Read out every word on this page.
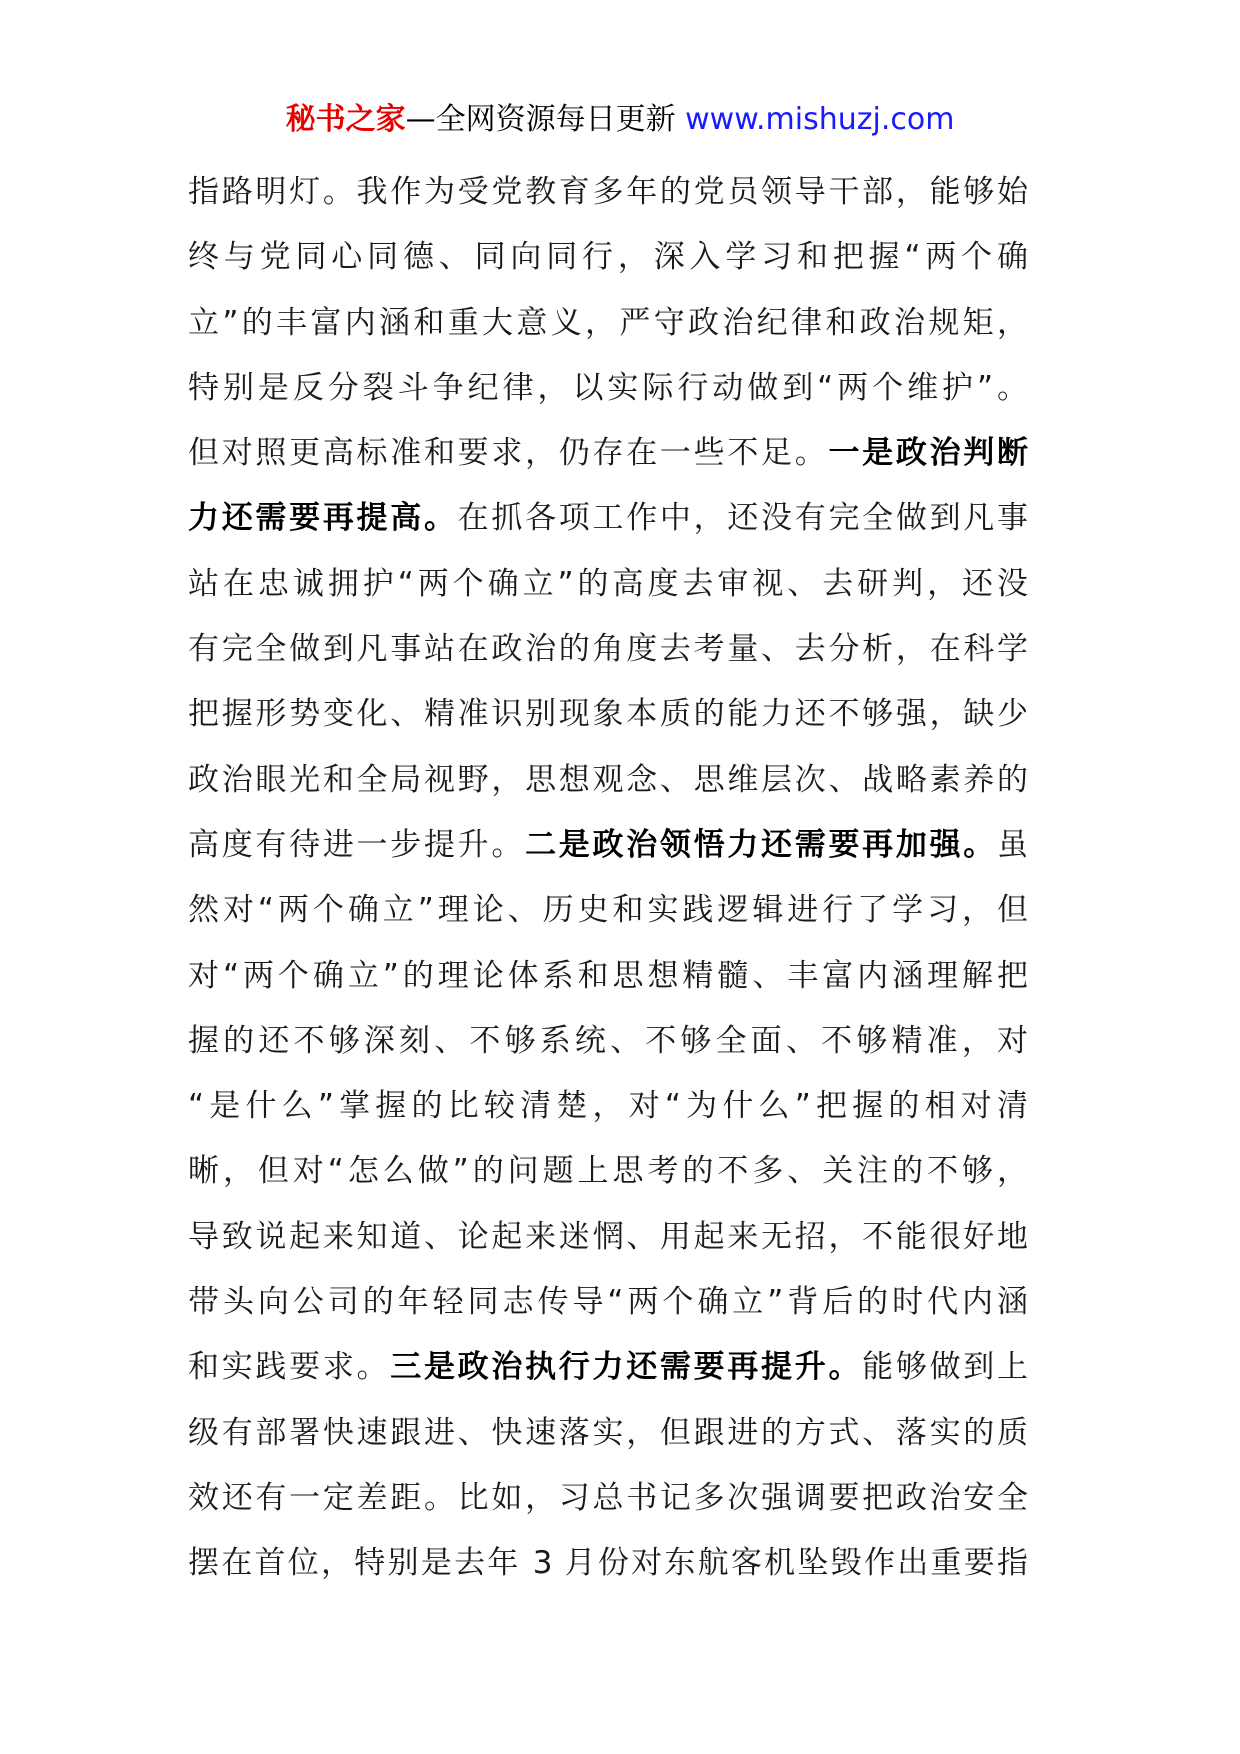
秘书之家—全网资源每日更新 www.mishuzj.com
指路明灯。我作为受党教育多年的党员领导干部，能够始
终与党同心同德、同向同行，深入学习和把握“两个确
立”的丰富内涵和重大意义，严守政治纪律和政治规矩，
特别是反分裂斗争纪律，以实际行动做到“两个维护”。
但对照更高标准和要求，仍存在一些不足。一是政治判断
力还需要再提高。在抓各项工作中，还没有完全做到凡事
站在忠诚拥护“两个确立”的高度去审视、去研判，还没
有完全做到凡事站在政治的角度去考量、去分析，在科学
把握形势变化、精准识别现象本质的能力还不够强，缺少
政治眼光和全局视野，思想观念、思维层次、战略素养的
高度有待进一步提升。二是政治领悟力还需要再加强。虽
然对“两个确立”理论、历史和实践逻辑进行了学习，但
对“两个确立”的理论体系和思想精髓、丰富内涵理解把
握的还不够深刻、不够系统、不够全面、不够精准，对
“是什么”掌握的比较清楚，对“为什么”把握的相对清
晰，但对“怎么做”的问题上思考的不多、关注的不够，
导致说起来知道、论起来迷惘、用起来无招，不能很好地
带头向公司的年轻同志传导“两个确立”背后的时代内涵
和实践要求。三是政治执行力还需要再提升。能够做到上
级有部署快速跟进、快速落实，但跟进的方式、落实的质
效还有一定差距。比如，习总书记多次强调要把政治安全
摆在首位，特别是去年 3 月份对东航客机坠毁作出重要指
